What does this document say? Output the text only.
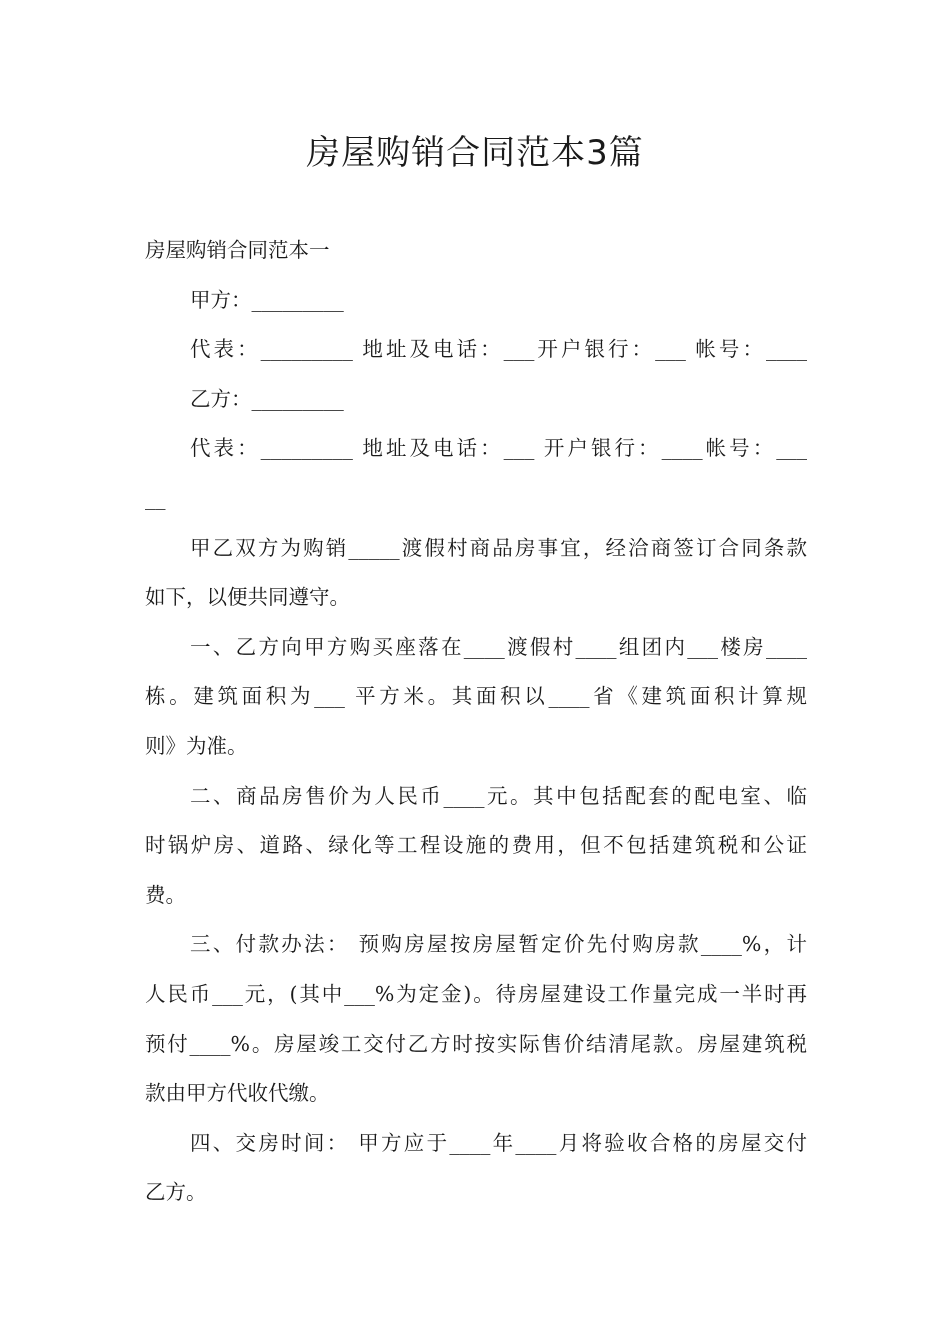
房屋购销合同范本3篇
房屋购销合同范本一
甲方：_________
代表：_________ 地址及电话：___开户银行：___ 帐号：____
乙方：_________
代表：_________ 地址及电话：___ 开户银行：____帐号：___
__
甲乙双方为购销_____渡假村商品房事宜，经洽商签订合同条款
如下，以便共同遵守。
一、乙方向甲方购买座落在____渡假村____组团内___楼房____
栋。建筑面积为___ 平方米。其面积以____省《建筑面积计算规
则》为准。
二、商品房售价为人民币____元。其中包括配套的配电室、临
时锅炉房、道路、绿化等工程设施的费用，但不包括建筑税和公证
费。
三、付款办法： 预购房屋按房屋暂定价先付购房款____%，计
人民币___元，(其中___%为定金)。待房屋建设工作量完成一半时再
预付____%。房屋竣工交付乙方时按实际售价结清尾款。房屋建筑税
款由甲方代收代缴。
四、交房时间： 甲方应于____年____月将验收合格的房屋交付
乙方。
